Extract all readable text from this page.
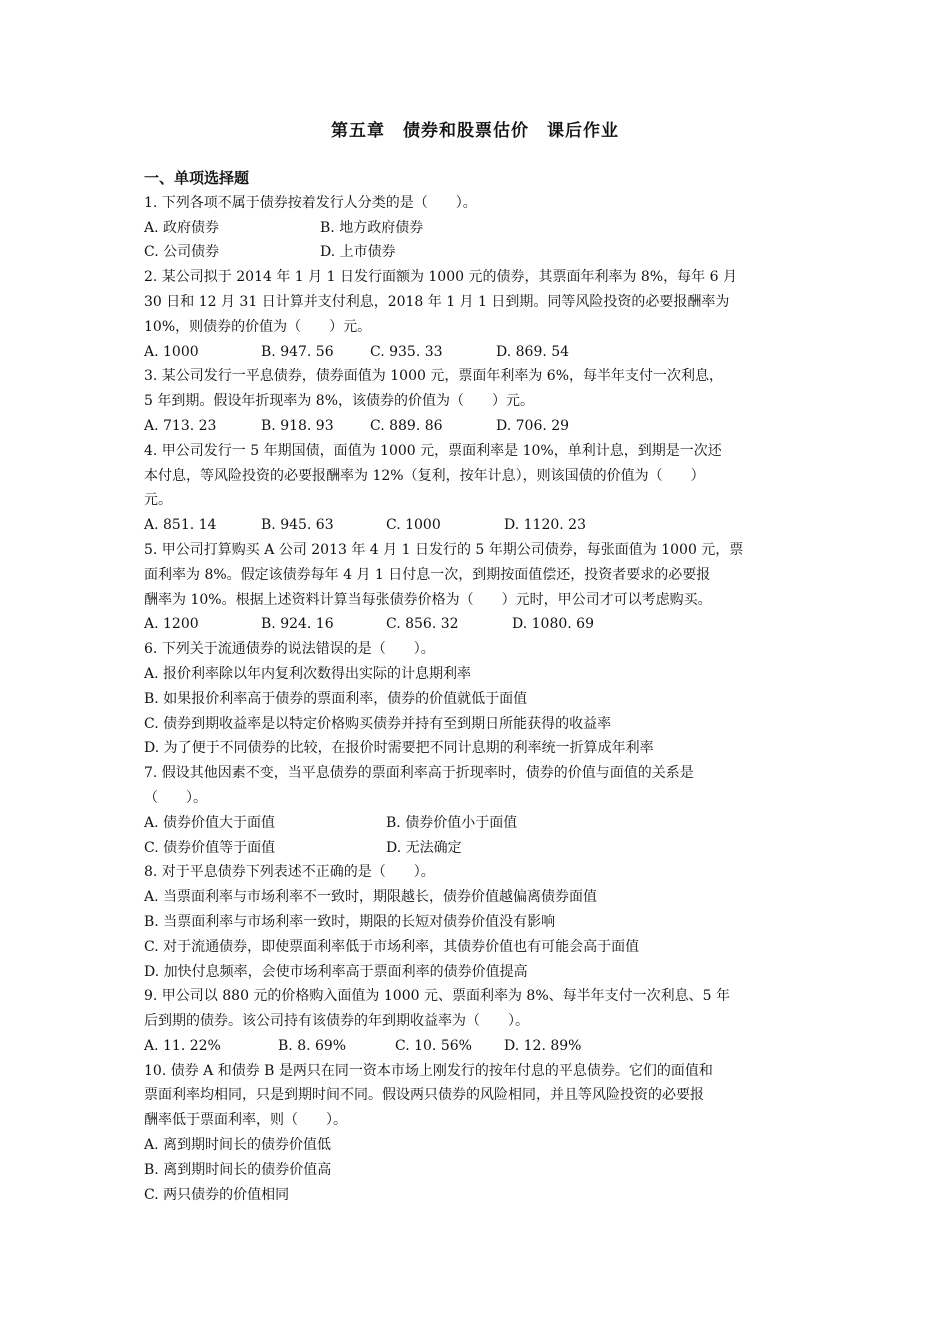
第五章　债券和股票估价　课后作业
一、单项选择题
1. 下列各项不属于债券按着发行人分类的是（　　）。

A. 政府债券

	B. 地方政府债券

C. 公司债券

	D. 上市债券

2. 某公司拟于 2014 年 1 月 1 日发行面额为 1000 元的债券，其票面年利率为 8%，每年 6 月
30 日和 12 月 31 日计算并支付利息，2018 年 1 月 1 日到期。同等风险投资的必要报酬率为
10%，则债券的价值为（　　）元。

A. 1000

	B. 947. 56

	C. 935. 33

	D. 869. 54

3. 某公司发行一平息债券，债券面值为 1000 元，票面年利率为 6%，每半年支付一次利息，
5 年到期。假设年折现率为 8%，该债券的价值为（　　）元。

A. 713. 23

	B. 918. 93

	C. 889. 86

	D. 706. 29

4. 甲公司发行一 5 年期国债，面值为 1000 元，票面利率是 10%，单利计息，到期是一次还
本付息，等风险投资的必要报酬率为 12%（复利，按年计息），则该国债的价值为（　　）
元。

A. 851. 14

	B. 945. 63

	C. 1000

	D. 1120. 23

5. 甲公司打算购买 A 公司 2013 年 4 月 1 日发行的 5 年期公司债券，每张面值为 1000 元，票
面利率为 8%。假定该债券每年 4 月 1 日付息一次，到期按面值偿还，投资者要求的必要报
酬率为 10%。根据上述资料计算当每张债券价格为（　　）元时，甲公司才可以考虑购买。

A. 1200

	B. 924. 16

	C. 856. 32

	D. 1080. 69

6. 下列关于流通债券的说法错误的是（　　）。
A. 报价利率除以年内复利次数得出实际的计息期利率
B. 如果报价利率高于债券的票面利率，债券的价值就低于面值
C. 债券到期收益率是以特定价格购买债券并持有至到期日所能获得的收益率
D. 为了便于不同债券的比较，在报价时需要把不同计息期的利率统一折算成年利率
7. 假设其他因素不变，当平息债券的票面利率高于折现率时，债券的价值与面值的关系是
（　　）。

A. 债券价值大于面值

	B. 债券价值小于面值

C. 债券价值等于面值

	D. 无法确定

8. 对于平息债券下列表述不正确的是（　　）。
A. 当票面利率与市场利率不一致时，期限越长，债券价值越偏离债券面值
B. 当票面利率与市场利率一致时，期限的长短对债券价值没有影响
C. 对于流通债券，即使票面利率低于市场利率，其债券价值也有可能会高于面值
D. 加快付息频率，会使市场利率高于票面利率的债券价值提高
9. 甲公司以 880 元的价格购入面值为 1000 元、票面利率为 8%、每半年支付一次利息、5 年
后到期的债券。该公司持有该债券的年到期收益率为（　　）。

A. 11. 22%

	B. 8. 69%

	C. 10. 56%

D. 12. 89%

10. 债券 A 和债券 B 是两只在同一资本市场上刚发行的按年付息的平息债券。它们的面值和
票面利率均相同，只是到期时间不同。假设两只债券的风险相同，并且等风险投资的必要报
酬率低于票面利率，则（　　）。
A. 离到期时间长的债券价值低
B. 离到期时间长的债券价值高
C. 两只债券的价值相同
